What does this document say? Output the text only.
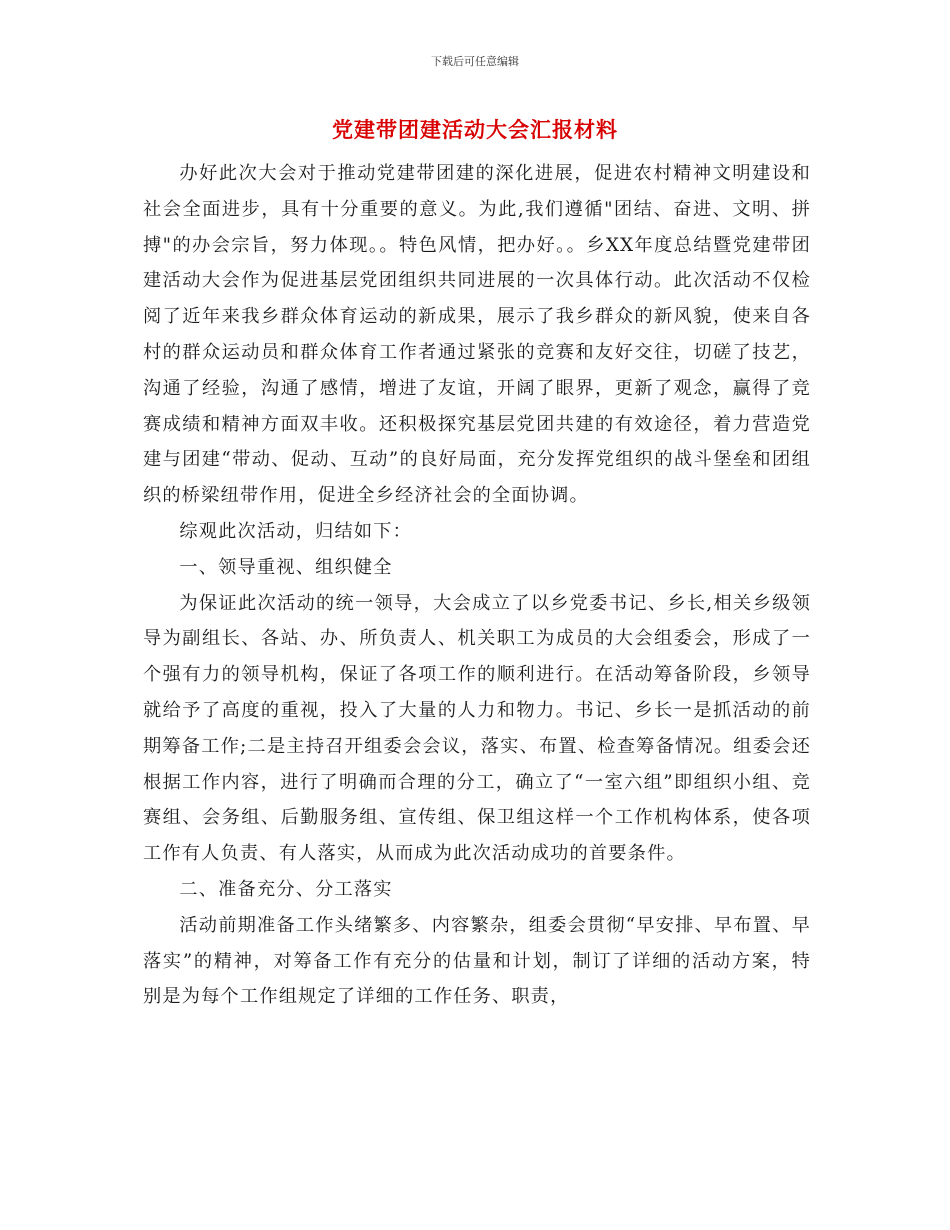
下载后可任意编辑
党建带团建活动大会汇报材料

办好此次大会对于推动党建带团建的深化进展，促进农村精神文明建设和社会全面进步，具有十分重要的意义。为此,我们遵循"团结、奋进、文明、拼搏"的办会宗旨，努力体现。。特色风情，把办好。。乡XX年度总结暨党建带团建活动大会作为促进基层党团组织共同进展的一次具体行动。此次活动不仅检阅了近年来我乡群众体育运动的新成果，展示了我乡群众的新风貌，使来自各村的群众运动员和群众体育工作者通过紧张的竞赛和友好交往，切磋了技艺，沟通了经验，沟通了感情，增进了友谊，开阔了眼界，更新了观念，赢得了竞赛成绩和精神方面双丰收。还积极探究基层党团共建的有效途径，着力营造党建与团建“带动、促动、互动”的良好局面，充分发挥党组织的战斗堡垒和团组织的桥梁纽带作用，促进全乡经济社会的全面协调。

综观此次活动，归结如下：

一、领导重视、组织健全

为保证此次活动的统一领导，大会成立了以乡党委书记、乡长,相关乡级领导为副组长、各站、办、所负责人、机关职工为成员的大会组委会，形成了一个强有力的领导机构，保证了各项工作的顺利进行。在活动筹备阶段，乡领导就给予了高度的重视，投入了大量的人力和物力。书记、乡长一是抓活动的前期筹备工作;二是主持召开组委会会议，落实、布置、检查筹备情况。组委会还根据工作内容，进行了明确而合理的分工，确立了“一室六组”即组织小组、竞赛组、会务组、后勤服务组、宣传组、保卫组这样一个工作机构体系，使各项工作有人负责、有人落实，从而成为此次活动成功的首要条件。

二、准备充分、分工落实

活动前期准备工作头绪繁多、内容繁杂，组委会贯彻“早安排、早布置、早落实”的精神，对筹备工作有充分的估量和计划，制订了详细的活动方案，特别是为每个工作组规定了详细的工作任务、职责，
